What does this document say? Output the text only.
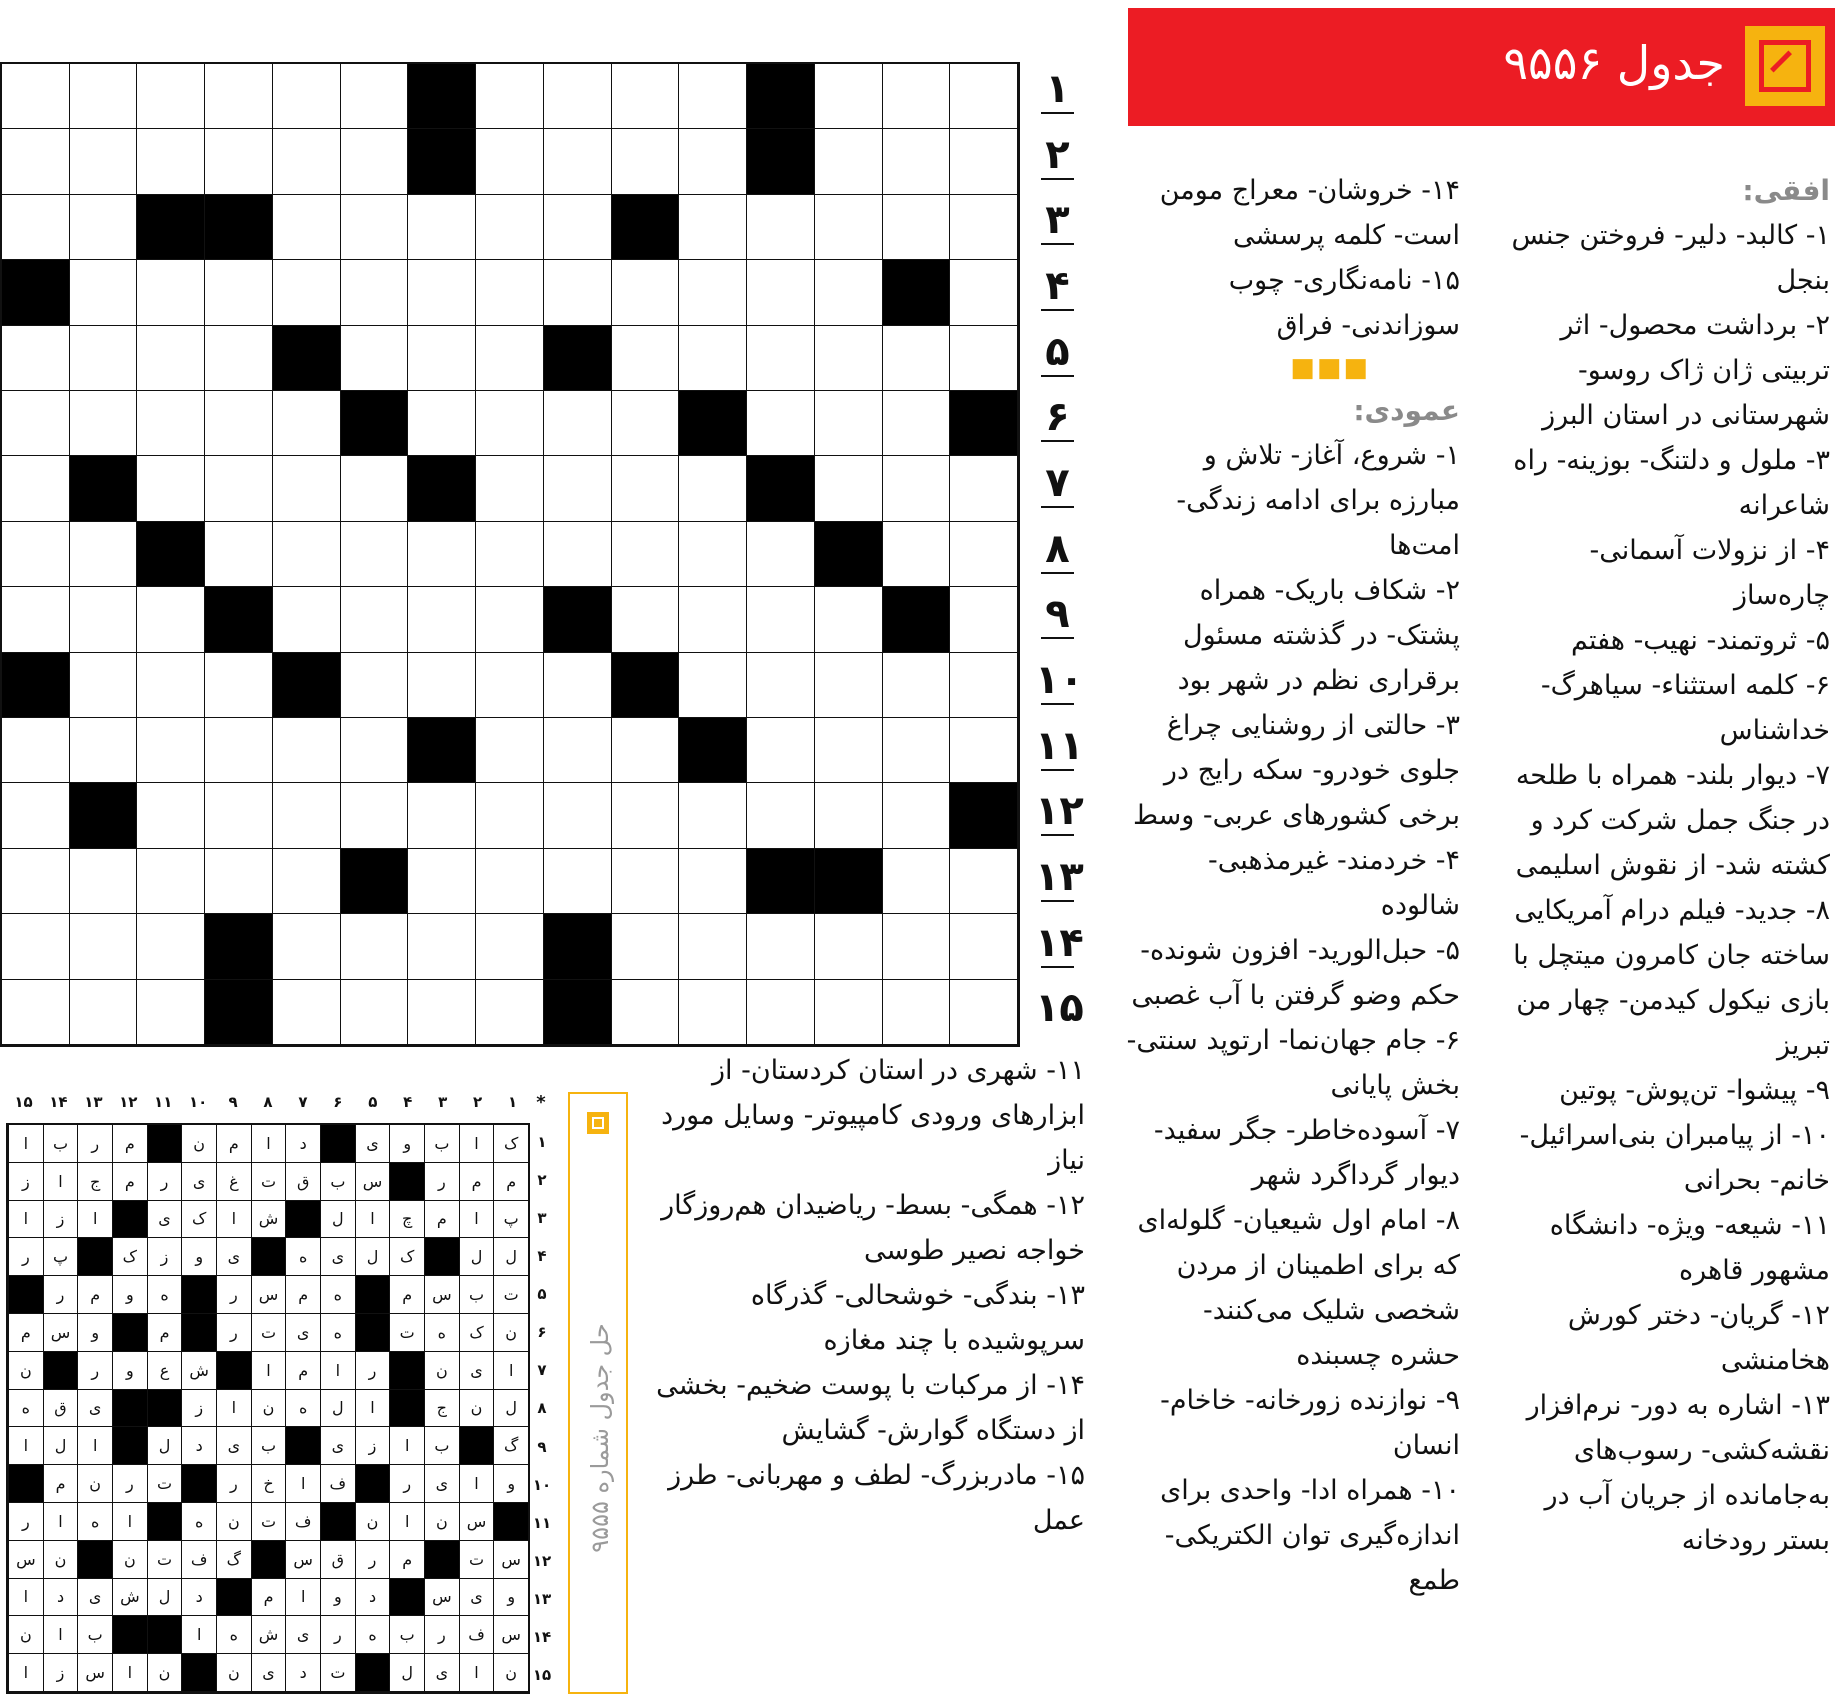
جدول ۹۵۵۶
افقی:
۱- کالبد- دلیر- فروختن جنس بنجل
۲- برداشت محصول- اثر تربیتی ژان ژاک روسو- شهرستانی در استان البرز
۳- ملول و دلتنگ- بوزینه- راه شاعرانه
۴- از نزولات آسمانی- چاره‌ساز
۵- ثروتمند- نهیب- هفتم
۶- کلمه استثناء- سیاهرگ- خداشناس
۷- دیوار بلند- همراه با طلحه در جنگ جمل شرکت کرد و کشته شد- از نقوش اسلیمی
۸- جدید- فیلم درام آمریکایی ساخته جان کامرون میتچل با بازی نیکول کیدمن- چهار من تبریز
۹- پیشوا- تن‌پوش- پوتین
۱۰- از پیامبران بنی‌اسرائیل- خانم- بحرانی
۱۱- شیعه- ویژه- دانشگاه مشهور قاهره
۱۲- گریان- دختر کورش هخامنشی
۱۳- اشاره به دور- نرم‌افزار نقشه‌کشی- رسوب‌های به‌جامانده از جریان آب در بستر رودخانه
۱۴- خروشان- معراج مومن است- کلمه پرسشی
۱۵- نامه‌نگاری- چوب سوزاندنی- فراق
■■■
عمودی:
۱- شروع، آغاز- تلاش و مبارزه برای ادامه زندگی- امت‌ها
۲- شکاف باریک- همراه پشتک- در گذشته مسئول برقراری نظم در شهر بود
۳- حالتی از روشنایی چراغ جلوی خودرو- سکه رایج در برخی کشورهای عربی- وسط
۴- خردمند- غیرمذهبی- شالوده
۵- حبل‌الورید- افزون شونده- حکم وضو گرفتن با آب غصبی
۶- جام جهان‌نما- ارتوپد سنتی- بخش پایانی
۷- آسوده‌خاطر- جگر سفید- دیوار گرداگرد شهر
۸- امام اول شیعیان- گلوله‌ای که برای اطمینان از مردن شخصی شلیک می‌کنند- حشره چسبنده
۹- نوازنده زورخانه- خاخام- انسان
۱۰- همراه ادا- واحدی برای اندازه‌گیری توان الکتریکی- طمع
۱۱- شهری در استان کردستان- از ابزارهای ورودی کامپیوتر- وسایل مورد نیاز
۱۲- همگی- بسط- ریاضیدان هم‌روزگار خواجه نصیر طوسی
۱۳- بندگی- خوشحالی- گذرگاه سرپوشیده با چند مغازه
۱۴- از مرکبات با پوست ضخیم- بخشی از دستگاه گوارش- گشایش
۱۵- مادربزرگ- لطف و مهربانی- طرز عمل
۱
۲
۳
۴
۵
۶
۷
۸
۹
۱۰
۱۱
۱۲
۱۳
۱۴
۱۵
*
۱
۲
۳
۴
۵
۶
۷
۸
۹
۱۰
۱۱
۱۲
۱۳
۱۴
۱۵
۱
۲
۳
۴
۵
۶
۷
۸
۹
۱۰
۱۱
۱۲
۱۳
۱۴
۱۵
ک
ا
ب
و
ی
د
ا
م
ن
م
ر
ب
ا
م
م
ر
س
ب
ق
ت
غ
ی
ر
م
ج
ا
ز
پ
ا
م
چ
ا
ل
ش
ا
ک
ی
ا
ز
ا
ل
ل
ک
ل
ی
ه
ی
و
ز
ک
پ
ر
ت
ب
س
م
ه
م
س
ر
ه
و
م
ر
ن
ک
ه
ت
ه
ی
ت
ر
م
و
س
م
ا
ی
ن
ر
ا
م
ا
ش
ع
و
ر
ن
ل
ن
ج
ا
ل
ه
ن
ا
ز
ی
ق
ه
گ
ب
ا
ز
ی
ب
ی
د
ل
ا
ل
ا
و
ا
ی
ر
ف
ا
خ
ر
ت
ر
ن
م
س
ن
ا
ن
ف
ت
ن
ه
ا
ه
ا
ر
س
ت
م
ر
ق
س
گ
ف
ت
ن
ن
س
و
ی
س
د
و
ا
م
د
ل
ش
ی
د
ا
س
ف
ر
ب
ه
ر
ی
ش
ه
ا
ب
ا
ن
ن
ا
ی
ل
ت
د
ی
ن
ن
ا
س
ز
ا
حل جدول شماره ۹۵۵۵
